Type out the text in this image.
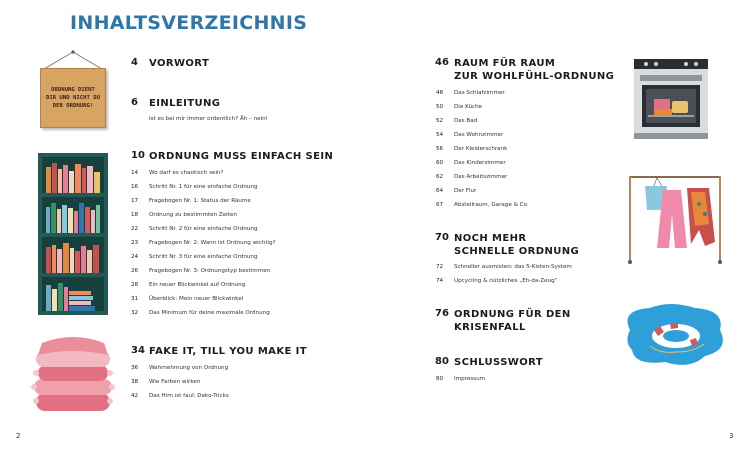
INHALTSVERZEICHNIS
ORDNUNG DIENT DIR UND NICHT DU DER ORDNUNG!
4	VORWORT
6	EINLEITUNG
Ist es bei mir immer ordentlich? Äh – nein!
10 ORDNUNG MUSS EINFACH SEIN
14 Wo darf es chaotisch sein?
16 Schritt Nr. 1 für eine einfache Ordnung
17 Fragebogen Nr. 1: Status der Räume
18 Ordnung zu bestimmten Zeiten
22 Schritt Nr. 2 für eine einfache Ordnung
23 Fragebogen Nr. 2: Wann ist Ordnung wichtig?
24 Schritt Nr. 3 für eine einfache Ordnung
26 Fragebogen Nr. 3: Ordnungstyp bestimmen
28 Ein neuer Blickwinkel auf Ordnung
31 Überblick: Mein neuer Blickwinkel
32 Das Minimum für deine maximale Ordnung
34 FAKE IT, TILL YOU MAKE IT
36 Wahrnehmung von Ordnung
38 Wie Farben wirken
42 Das Hirn ist faul: Deko-Tricks
46 RAUM FÜR RAUM
ZUR WOHLFÜHL-ORDNUNG
48 Das Schlafzimmer
50 Die Küche
52 Das Bad
54 Das Wohnzimmer
56 Der Kleiderschrank
60 Das Kinderzimmer
62 Das Arbeitszimmer
64 Der Flur
67 Abstellraum, Garage & Co.
70 NOCH MEHR
SCHNELLE ORDNUNG
72 Schneller ausmisten: das 5-Kisten-System
74 Upcycling & nützliches „Eh-da-Zeug“
76 ORDNUNG FÜR DEN
KRISENFALL
80 SCHLUSSWORT
80 Impressum
2	3
